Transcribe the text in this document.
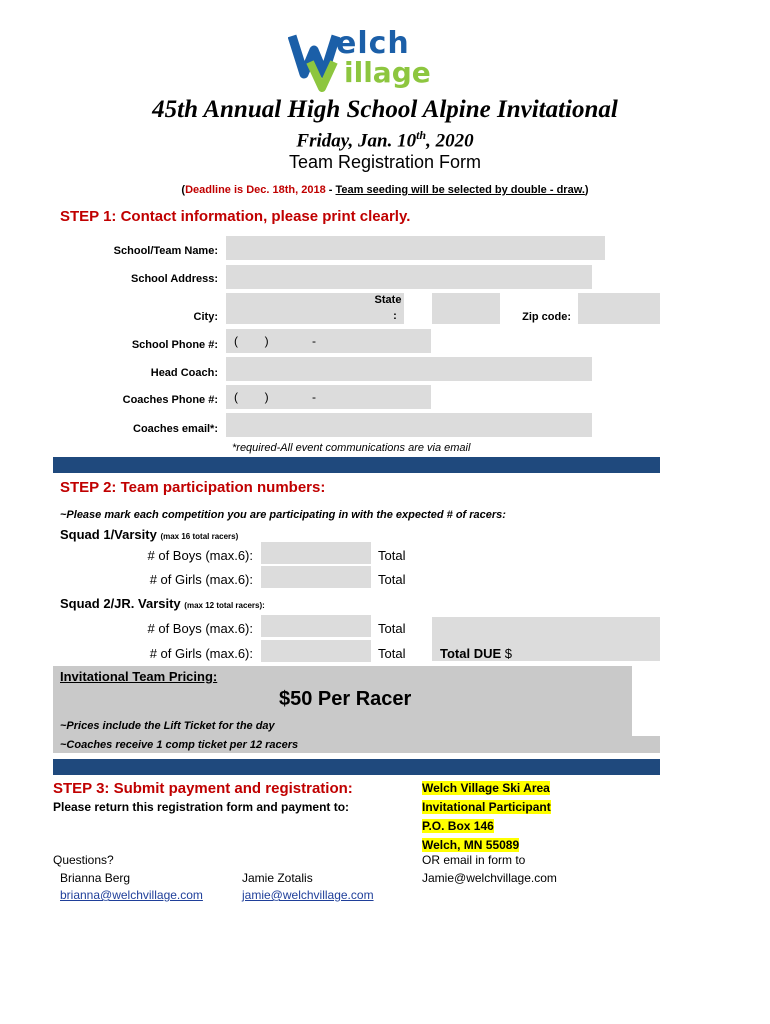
elch
illage
45th Annual High School Alpine Invitational
Friday, Jan. 10th, 2020
Team Registration Form
(Deadline is Dec. 18th, 2018 - Team seeding will be selected by double - draw.)
STEP 1: Contact information, please print clearly.
School/Team Name:
School Address:
City:
State
:	Zip code:
School Phone #: (        )             -
Head Coach:
Coaches Phone #: (        )             -
Coaches email*:
*required-All event communications are via email
STEP 2: Team participation numbers:
~Please mark each competition you are participating in with the expected # of racers:
Squad 1/Varsity (max 16 total racers)
# of Boys (max.6):	Total
# of Girls (max.6):	Total
Squad 2/JR. Varsity (max 12 total racers):
# of Boys (max.6):	Total
# of Girls (max.6):	Total	Total DUE $
Invitational Team Pricing:
$50 Per Racer
~Prices include the Lift Ticket for the day
~Coaches receive 1 comp ticket per 12 racers
STEP 3: Submit payment and registration:
Please return this registration form and payment to:
Welch Village Ski Area
Invitational Participant
P.O. Box 146
Welch, MN 55089
OR email in form to
Jamie@welchvillage.com
Questions?
Brianna Berg
brianna@welchvillage.com
Jamie Zotalis
jamie@welchvillage.com
